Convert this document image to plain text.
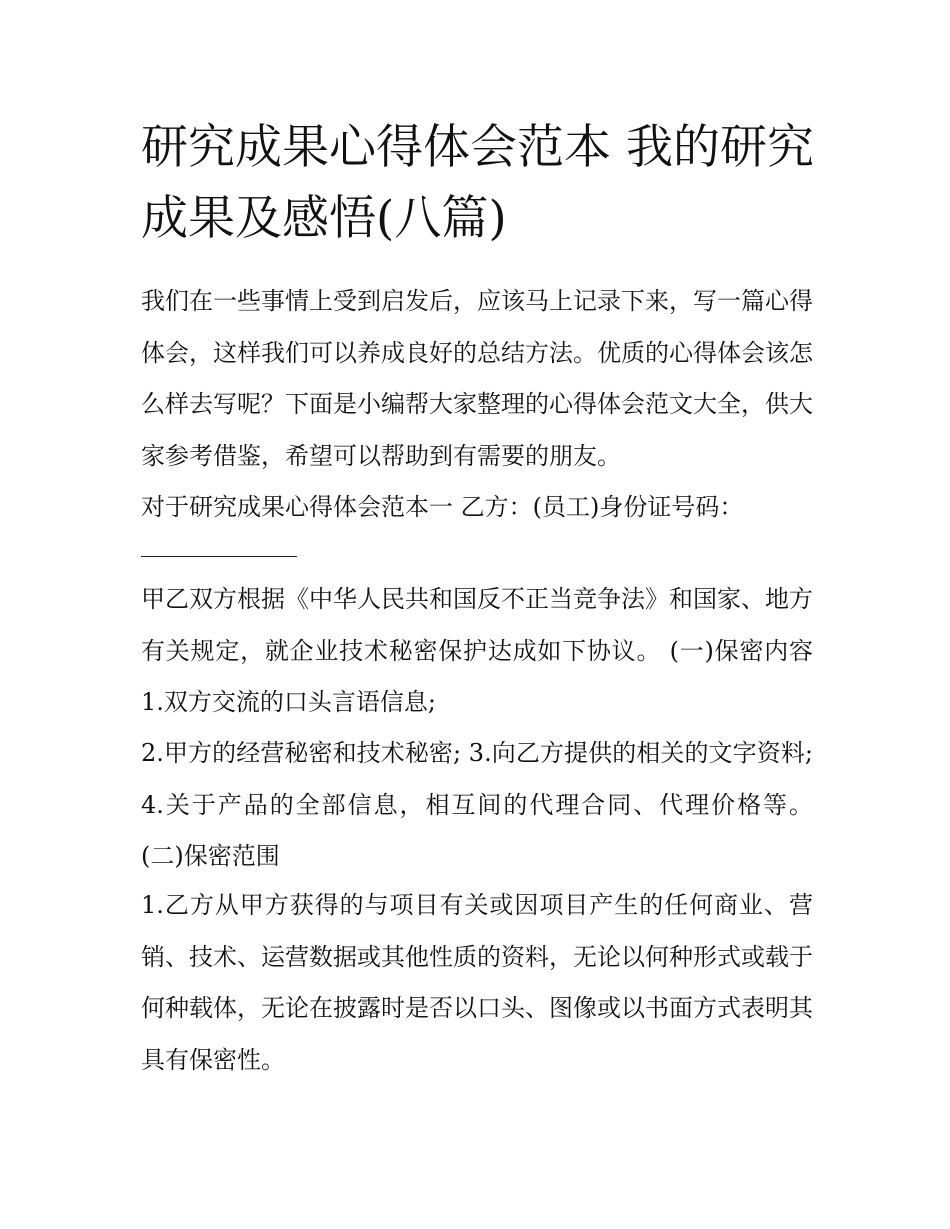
研究成果心得体会范本 我的研究成果及感悟(八篇)

我们在一些事情上受到启发后，应该马上记录下来，写一篇心得体会，这样我们可以养成良好的总结方法。优质的心得体会该怎么样去写呢？下面是小编帮大家整理的心得体会范文大全，供大家参考借鉴，希望可以帮助到有需要的朋友。

对于研究成果心得体会范本一 乙方：(员工)身份证号码：

甲乙双方根据《中华人民共和国反不正当竞争法》和国家、地方有关规定，就企业技术秘密保护达成如下协议。 (一)保密内容 1.双方交流的口头言语信息;

2.甲方的经营秘密和技术秘密; 3.向乙方提供的相关的文字资料; 4.关于产品的全部信息，相互间的代理合同、代理价格等。 (二)保密范围

1.乙方从甲方获得的与项目有关或因项目产生的任何商业、营销、技术、运营数据或其他性质的资料，无论以何种形式或载于何种载体，无论在披露时是否以口头、图像或以书面方式表明其具有保密性。
